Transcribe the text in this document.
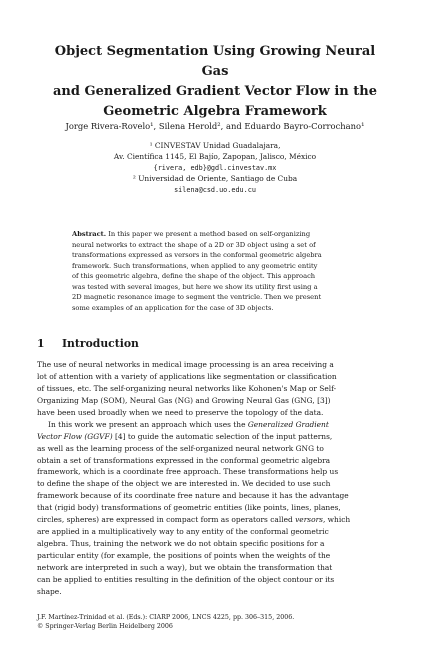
Object Segmentation Using Growing Neural Gas
and Generalized Gradient Vector Flow in the
Geometric Algebra Framework
Jorge Rivera-Rovelo¹, Silena Herold², and Eduardo Bayro-Corrochano¹
¹ CINVESTAV Unidad Guadalajara,
Av. Científica 1145, El Bajío, Zapopan, Jalisco, México
{rivera, edb}@gdl.cinvestav.mx
² Universidad de Oriente, Santiago de Cuba
silena@csd.uo.edu.cu
Abstract. In this paper we present a method based on self-organizing
neural networks to extract the shape of a 2D or 3D object using a set of
transformations expressed as versors in the conformal geometric algebra
framework. Such transformations, when applied to any geometric entity
of this geometric algebra, define the shape of the object. This approach
was tested with several images, but here we show its utility first using a
2D magnetic resonance image to segment the ventricle. Then we present
some examples of an application for the case of 3D objects.
1 Introduction
The use of neural networks in medical image processing is an area receiving a
lot of attention with a variety of applications like segmentation or classification
of tissues, etc. The self-organizing neural networks like Kohonen's Map or Self-
Organizing Map (SOM), Neural Gas (NG) and Growing Neural Gas (GNG, [3])
have been used broadly when we need to preserve the topology of the data.
In this work we present an approach which uses the Generalized Gradient
Vector Flow (GGVF) [4] to guide the automatic selection of the input patterns,
as well as the learning process of the self-organized neural network GNG to
obtain a set of transformations expressed in the conformal geometric algebra
framework, which is a coordinate free approach. These transformations help us
to define the shape of the object we are interested in. We decided to use such
framework because of its coordinate free nature and because it has the advantage
that (rigid body) transformations of geometric entities (like points, lines, planes,
circles, spheres) are expressed in compact form as operators called versors, which
are applied in a multiplicatively way to any entity of the conformal geometric
algebra. Thus, training the network we do not obtain specific positions for a
particular entity (for example, the positions of points when the weights of the
network are interpreted in such a way), but we obtain the transformation that
can be applied to entities resulting in the definition of the object contour or its
shape.
J.F. Martínez-Trinidad et al. (Eds.): CIARP 2006, LNCS 4225, pp. 306–315, 2006.
© Springer-Verlag Berlin Heidelberg 2006
